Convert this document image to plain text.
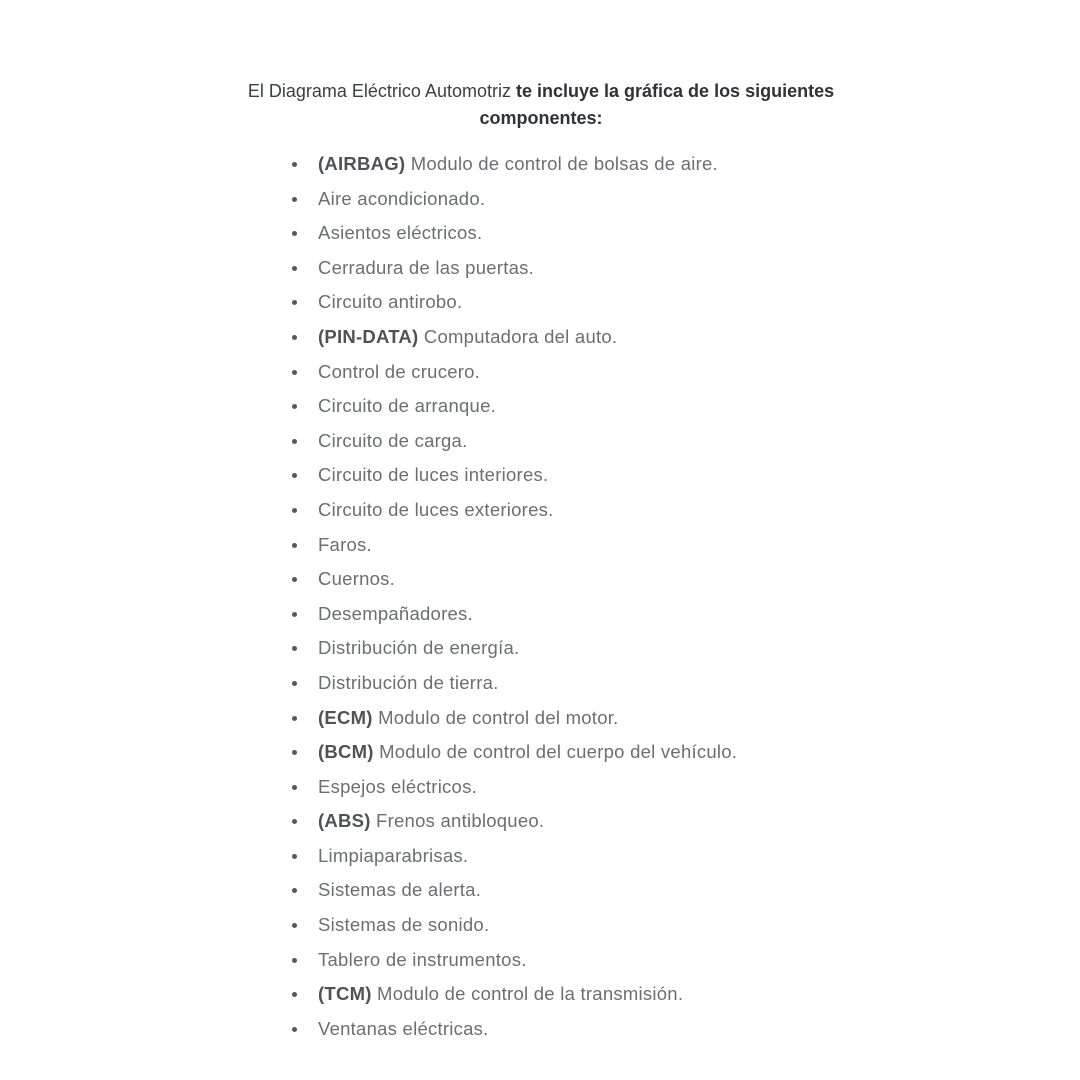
El Diagrama Eléctrico Automotriz te incluye la gráfica de los siguientes componentes:
(AIRBAG) Modulo de control de bolsas de aire.
Aire acondicionado.
Asientos eléctricos.
Cerradura de las puertas.
Circuito antirobo.
(PIN-DATA) Computadora del auto.
Control de crucero.
Circuito de arranque.
Circuito de carga.
Circuito de luces interiores.
Circuito de luces exteriores.
Faros.
Cuernos.
Desempañadores.
Distribución de energía.
Distribución de tierra.
(ECM) Modulo de control del motor.
(BCM) Modulo de control del cuerpo del vehículo.
Espejos eléctricos.
(ABS) Frenos antibloqueo.
Limpiaparabrisas.
Sistemas de alerta.
Sistemas de sonido.
Tablero de instrumentos.
(TCM) Modulo de control de la transmisión.
Ventanas eléctricas.
